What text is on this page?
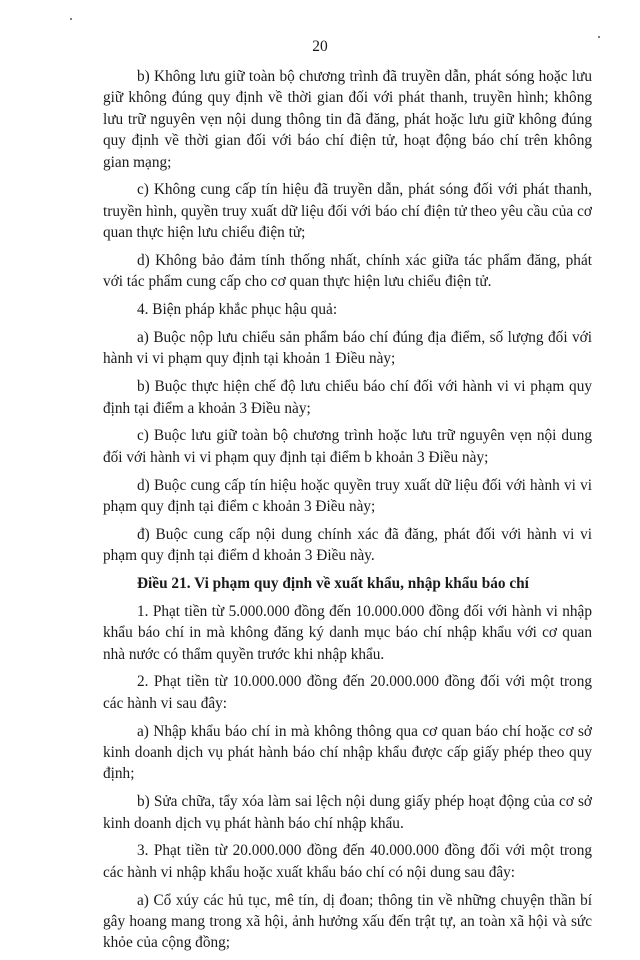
20

b) Không lưu giữ toàn bộ chương trình đã truyền dẫn, phát sóng hoặc lưu giữ không đúng quy định về thời gian đối với phát thanh, truyền hình; không lưu trữ nguyên vẹn nội dung thông tin đã đăng, phát hoặc lưu giữ không đúng quy định về thời gian đối với báo chí điện tử, hoạt động báo chí trên không gian mạng;

c) Không cung cấp tín hiệu đã truyền dẫn, phát sóng đối với phát thanh, truyền hình, quyền truy xuất dữ liệu đối với báo chí điện tử theo yêu cầu của cơ quan thực hiện lưu chiểu điện tử;

d) Không bảo đảm tính thống nhất, chính xác giữa tác phẩm đăng, phát với tác phẩm cung cấp cho cơ quan thực hiện lưu chiểu điện tử.

4. Biện pháp khắc phục hậu quả:

a) Buộc nộp lưu chiểu sản phẩm báo chí đúng địa điểm, số lượng đối với hành vi vi phạm quy định tại khoản 1 Điều này;

b) Buộc thực hiện chế độ lưu chiểu báo chí đối với hành vi vi phạm quy định tại điểm a khoản 3 Điều này;

c) Buộc lưu giữ toàn bộ chương trình hoặc lưu trữ nguyên vẹn nội dung đối với hành vi vi phạm quy định tại điểm b khoản 3 Điều này;

d) Buộc cung cấp tín hiệu hoặc quyền truy xuất dữ liệu đối với hành vi vi phạm quy định tại điểm c khoản 3 Điều này;

đ) Buộc cung cấp nội dung chính xác đã đăng, phát đối với hành vi vi phạm quy định tại điểm d khoản 3 Điều này.

Điều 21. Vi phạm quy định về xuất khẩu, nhập khẩu báo chí

1. Phạt tiền từ 5.000.000 đồng đến 10.000.000 đồng đối với hành vi nhập khẩu báo chí in mà không đăng ký danh mục báo chí nhập khẩu với cơ quan nhà nước có thẩm quyền trước khi nhập khẩu.

2. Phạt tiền từ 10.000.000 đồng đến 20.000.000 đồng đối với một trong các hành vi sau đây:

a) Nhập khẩu báo chí in mà không thông qua cơ quan báo chí hoặc cơ sở kinh doanh dịch vụ phát hành báo chí nhập khẩu được cấp giấy phép theo quy định;

b) Sửa chữa, tẩy xóa làm sai lệch nội dung giấy phép hoạt động của cơ sở kinh doanh dịch vụ phát hành báo chí nhập khẩu.

3. Phạt tiền từ 20.000.000 đồng đến 40.000.000 đồng đối với một trong các hành vi nhập khẩu hoặc xuất khẩu báo chí có nội dung sau đây:

a) Cổ xúy các hủ tục, mê tín, dị đoan; thông tin về những chuyện thần bí gây hoang mang trong xã hội, ảnh hưởng xấu đến trật tự, an toàn xã hội và sức khỏe của cộng đồng;
